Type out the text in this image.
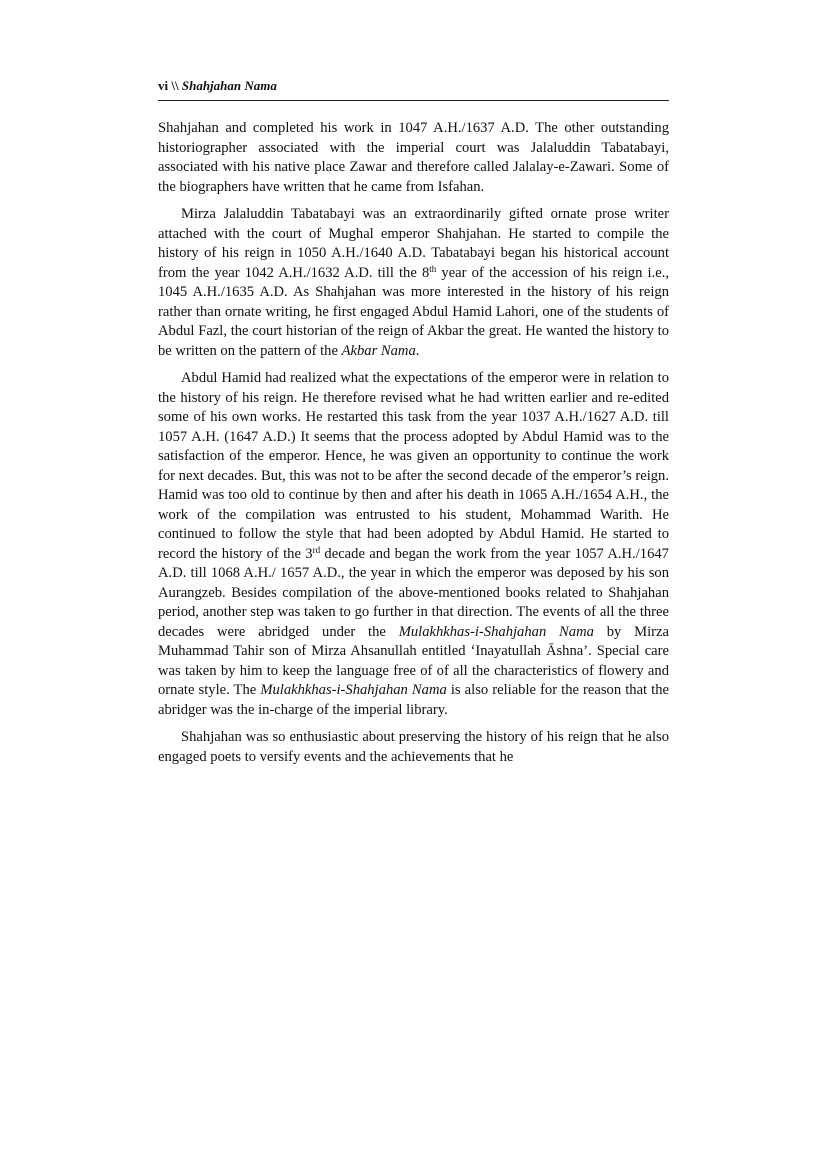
vi \\ Shahjahan Nama

Shahjahan and completed his work in 1047 A.H./1637 A.D. The other outstanding historiographer associated with the imperial court was Jalaluddin Tabatabayi, associated with his native place Zawar and therefore called Jalalay-e-Zawari. Some of the biographers have written that he came from Isfahan.

Mirza Jalaluddin Tabatabayi was an extraordinarily gifted ornate prose writer attached with the court of Mughal emperor Shahjahan. He started to compile the history of his reign in 1050 A.H./1640 A.D. Tabatabayi began his historical account from the year 1042 A.H./1632 A.D. till the 8th year of the accession of his reign i.e., 1045 A.H./1635 A.D. As Shahjahan was more interested in the history of his reign rather than ornate writing, he first engaged Abdul Hamid Lahori, one of the students of Abdul Fazl, the court historian of the reign of Akbar the great. He wanted the history to be written on the pattern of the Akbar Nama.

Abdul Hamid had realized what the expectations of the emperor were in relation to the history of his reign. He therefore revised what he had written earlier and re-edited some of his own works. He restarted this task from the year 1037 A.H./1627 A.D. till 1057 A.H. (1647 A.D.) It seems that the process adopted by Abdul Hamid was to the satisfaction of the emperor. Hence, he was given an opportunity to continue the work for next decades. But, this was not to be after the second decade of the emperor’s reign. Hamid was too old to continue by then and after his death in 1065 A.H./1654 A.H., the work of the compilation was entrusted to his student, Mohammad Warith. He continued to follow the style that had been adopted by Abdul Hamid. He started to record the history of the 3rd decade and began the work from the year 1057 A.H./1647 A.D. till 1068 A.H./ 1657 A.D., the year in which the emperor was deposed by his son Aurangzeb. Besides compilation of the above-mentioned books related to Shahjahan period, another step was taken to go further in that direction. The events of all the three decades were abridged under the Mulakhkhas-i-Shahjahan Nama by Mirza Muhammad Tahir son of Mirza Ahsanullah entitled ‘Inayatullah Āshna’. Special care was taken by him to keep the language free of of all the characteristics of flowery and ornate style. The Mulakhkhas-i-Shahjahan Nama is also reliable for the reason that the abridger was the in-charge of the imperial library.

Shahjahan was so enthusiastic about preserving the history of his reign that he also engaged poets to versify events and the achievements that he
